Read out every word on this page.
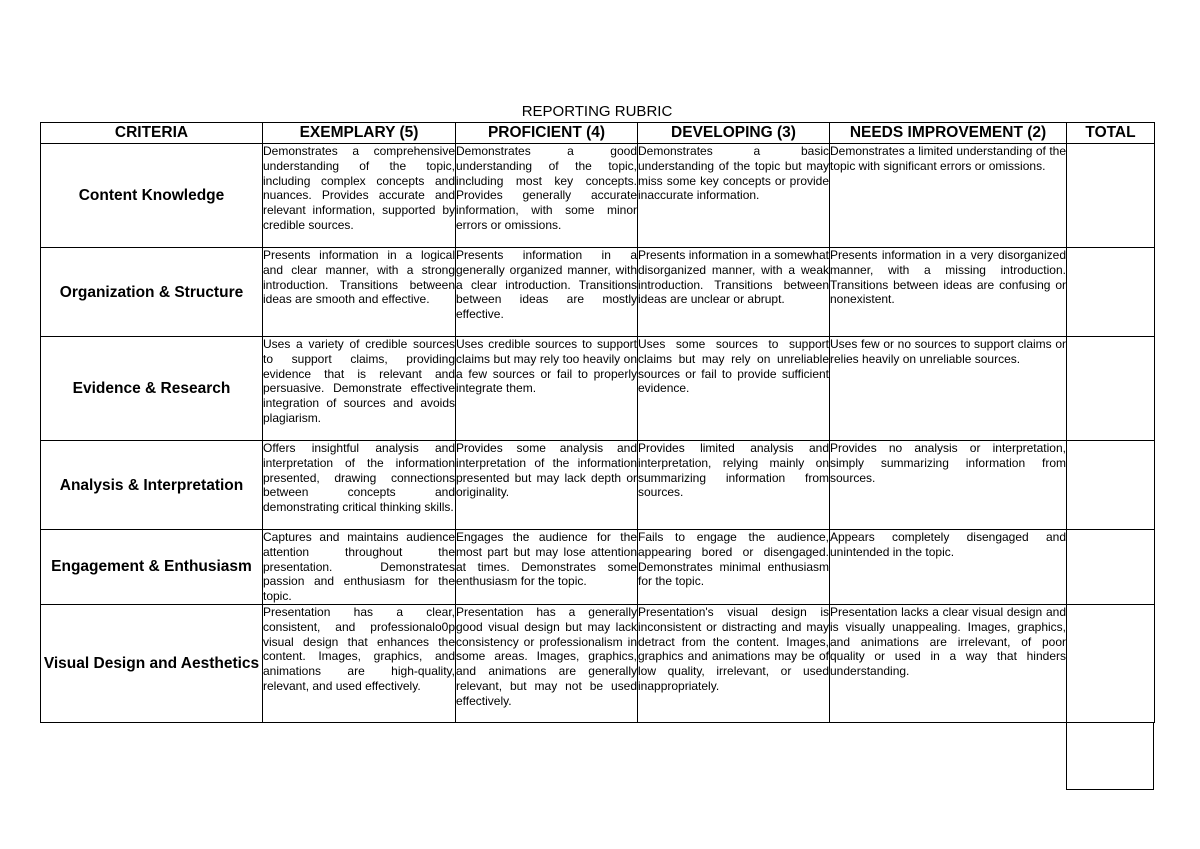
REPORTING RUBRIC
CRITERIA	EXEMPLARY (5)	PROFICIENT (4)	DEVELOPING (3)	NEEDS IMPROVEMENT (2)	TOTAL
Content Knowledge	Demonstrates a comprehensive understanding of the topic, including complex concepts and nuances. Provides accurate and relevant information, supported by credible sources.	Demonstrates a good understanding of the topic, including most key concepts. Provides generally accurate information, with some minor errors or omissions.	Demonstrates a basic understanding of the topic but may miss some key concepts or provide inaccurate information.	Demonstrates a limited understanding of the topic with significant errors or omissions.	
Organization & Structure	Presents information in a logical and clear manner, with a strong introduction. Transitions between ideas are smooth and effective.	Presents information in a generally organized manner, with a clear introduction. Transitions between ideas are mostly effective.	Presents information in a somewhat disorganized manner, with a weak introduction. Transitions between ideas are unclear or abrupt.	Presents information in a very disorganized manner, with a missing introduction. Transitions between ideas are confusing or nonexistent.	
Evidence & Research	Uses a variety of credible sources to support claims, providing evidence that is relevant and persuasive. Demonstrate effective integration of sources and avoids plagiarism.	Uses credible sources to support claims but may rely too heavily on a few sources or fail to properly integrate them.	Uses some sources to support claims but may rely on unreliable sources or fail to provide sufficient evidence.	Uses few or no sources to support claims or relies heavily on unreliable sources.	
Analysis & Interpretation	Offers insightful analysis and interpretation of the information presented, drawing connections between concepts and demonstrating critical thinking skills.	Provides some analysis and interpretation of the information presented but may lack depth or originality.	Provides limited analysis and interpretation, relying mainly on summarizing information from sources.	Provides no analysis or interpretation, simply summarizing information from sources.	
Engagement & Enthusiasm	Captures and maintains audience attention throughout the presentation. Demonstrates passion and enthusiasm for the topic.	Engages the audience for the most part but may lose attention at times. Demonstrates some enthusiasm for the topic.	Fails to engage the audience, appearing bored or disengaged. Demonstrates minimal enthusiasm for the topic.	Appears completely disengaged and unintended in the topic.	
Visual Design and Aesthetics	Presentation has a clear, consistent, and professionalo0p visual design that enhances the content. Images, graphics, and animations are high-quality, relevant, and used effectively.	Presentation has a generally good visual design but may lack consistency or professionalism in some areas. Images, graphics, and animations are generally relevant, but may not be used effectively.	Presentation's visual design is inconsistent or distracting and may detract from the content. Images, graphics and animations may be of low quality, irrelevant, or used inappropriately.	Presentation lacks a clear visual design and is visually unappealing. Images, graphics, and animations are irrelevant, of poor quality or used in a way that hinders understanding.	
